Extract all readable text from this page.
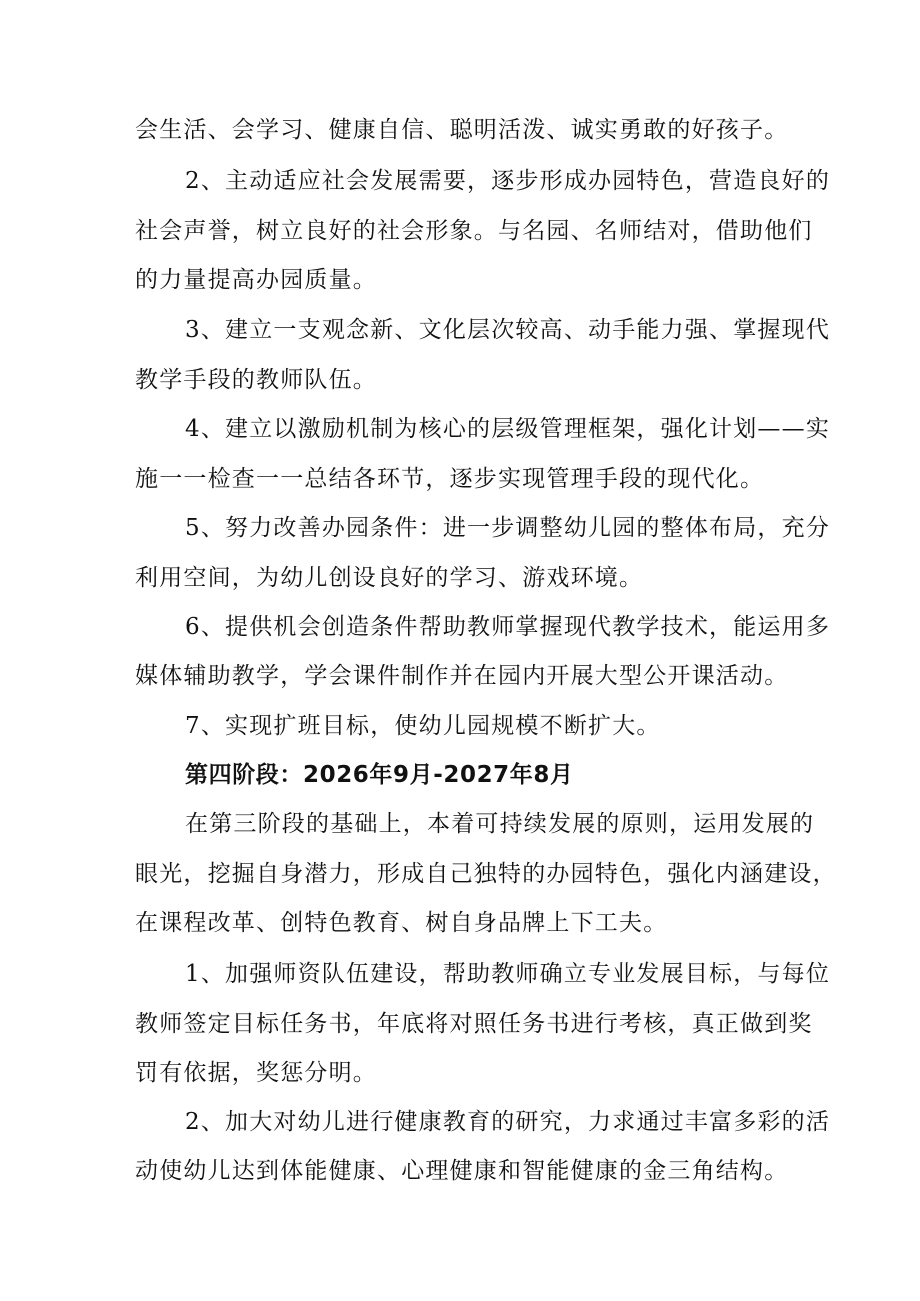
会生活、会学习、健康自信、聪明活泼、诚实勇敢的好孩子。
2、主动适应社会发展需要，逐步形成办园特色，营造良好的
社会声誉，树立良好的社会形象。与名园、名师结对，借助他们
的力量提高办园质量。
3、建立一支观念新、文化层次较高、动手能力强、掌握现代
教学手段的教师队伍。
4、建立以激励机制为核心的层级管理框架，强化计划——实
施一一检查一一总结各环节，逐步实现管理手段的现代化。
5、努力改善办园条件：进一步调整幼儿园的整体布局，充分
利用空间，为幼儿创设良好的学习、游戏环境。
6、提供机会创造条件帮助教师掌握现代教学技术，能运用多
媒体辅助教学，学会课件制作并在园内开展大型公开课活动。
7、实现扩班目标，使幼儿园规模不断扩大。
第四阶段：2026年9月-2027年8月
在第三阶段的基础上，本着可持续发展的原则，运用发展的
眼光，挖掘自身潜力，形成自己独特的办园特色，强化内涵建设，
在课程改革、创特色教育、树自身品牌上下工夫。
1、加强师资队伍建设，帮助教师确立专业发展目标，与每位
教师签定目标任务书，年底将对照任务书进行考核，真正做到奖
罚有依据，奖惩分明。
2、加大对幼儿进行健康教育的研究，力求通过丰富多彩的活
动使幼儿达到体能健康、心理健康和智能健康的金三角结构。
